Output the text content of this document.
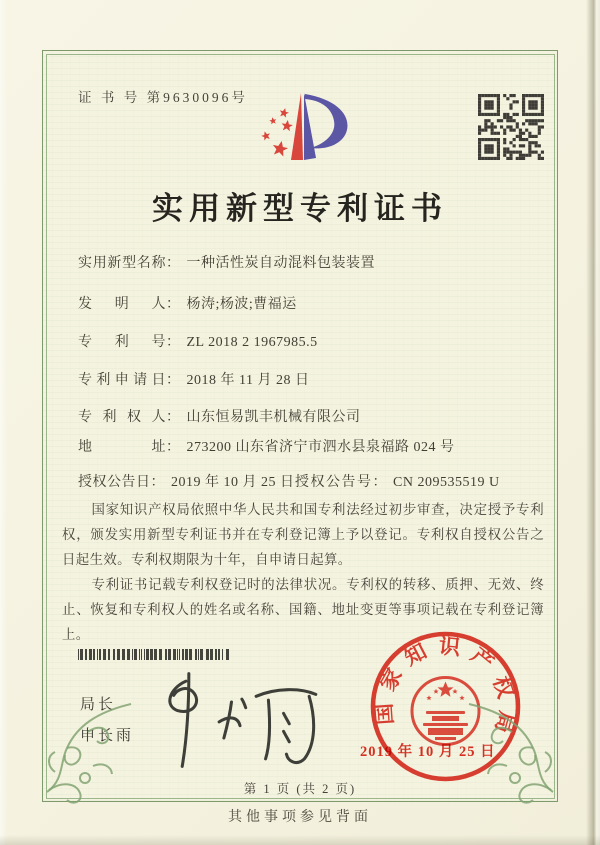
证 书 号 第9630096号
实用新型专利证书
实用新型名称： 一种活性炭自动混料包装装置
发明人： 杨涛;杨波;曹福运
专利号： ZL 2018 2 1967985.5
专利申请日： 2018 年 11 月 28 日
专利权人： 山东恒易凯丰机械有限公司
地址： 273200 山东省济宁市泗水县泉福路 024 号
授权公告日： 2019 年 10 月 25 日 授权公告号： CN 209535519 U

国家知识产权局依照中华人民共和国专利法经过初步审查，决定授予专利权，颁发实用新型专利证书并在专利登记簿上予以登记。专利权自授权公告之日起生效。专利权期限为十年，自申请日起算。

专利证书记载专利权登记时的法律状况。专利权的转移、质押、无效、终止、恢复和专利权人的姓名或名称、国籍、地址变更等事项记载在专利登记簿上。

局长
申长雨
国家知识产权局
2019 年 10 月 25 日
第 1 页 (共 2 页)
其他事项参见背面
